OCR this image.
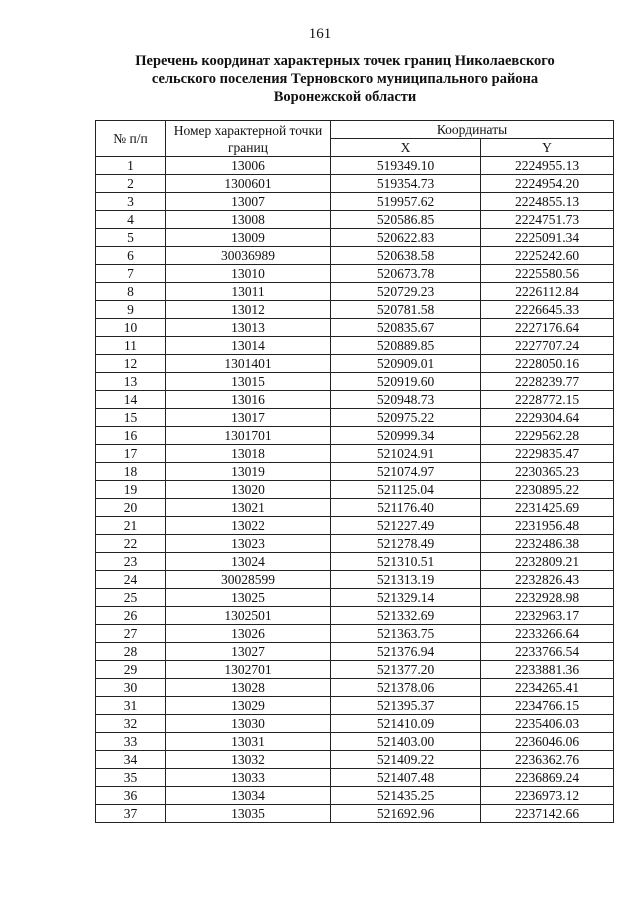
161
Перечень координат характерных точек границ Николаевского
сельского поселения Терновского муниципального района
Воронежской области
№ п/п	Номер характерной точки границ	Координаты	
		X	Y
1	13006	519349.10	2224955.13
2	1300601	519354.73	2224954.20
3	13007	519957.62	2224855.13
4	13008	520586.85	2224751.73
5	13009	520622.83	2225091.34
6	30036989	520638.58	2225242.60
7	13010	520673.78	2225580.56
8	13011	520729.23	2226112.84
9	13012	520781.58	2226645.33
10	13013	520835.67	2227176.64
11	13014	520889.85	2227707.24
12	1301401	520909.01	2228050.16
13	13015	520919.60	2228239.77
14	13016	520948.73	2228772.15
15	13017	520975.22	2229304.64
16	1301701	520999.34	2229562.28
17	13018	521024.91	2229835.47
18	13019	521074.97	2230365.23
19	13020	521125.04	2230895.22
20	13021	521176.40	2231425.69
21	13022	521227.49	2231956.48
22	13023	521278.49	2232486.38
23	13024	521310.51	2232809.21
24	30028599	521313.19	2232826.43
25	13025	521329.14	2232928.98
26	1302501	521332.69	2232963.17
27	13026	521363.75	2233266.64
28	13027	521376.94	2233766.54
29	1302701	521377.20	2233881.36
30	13028	521378.06	2234265.41
31	13029	521395.37	2234766.15
32	13030	521410.09	2235406.03
33	13031	521403.00	2236046.06
34	13032	521409.22	2236362.76
35	13033	521407.48	2236869.24
36	13034	521435.25	2236973.12
37	13035	521692.96	2237142.66
